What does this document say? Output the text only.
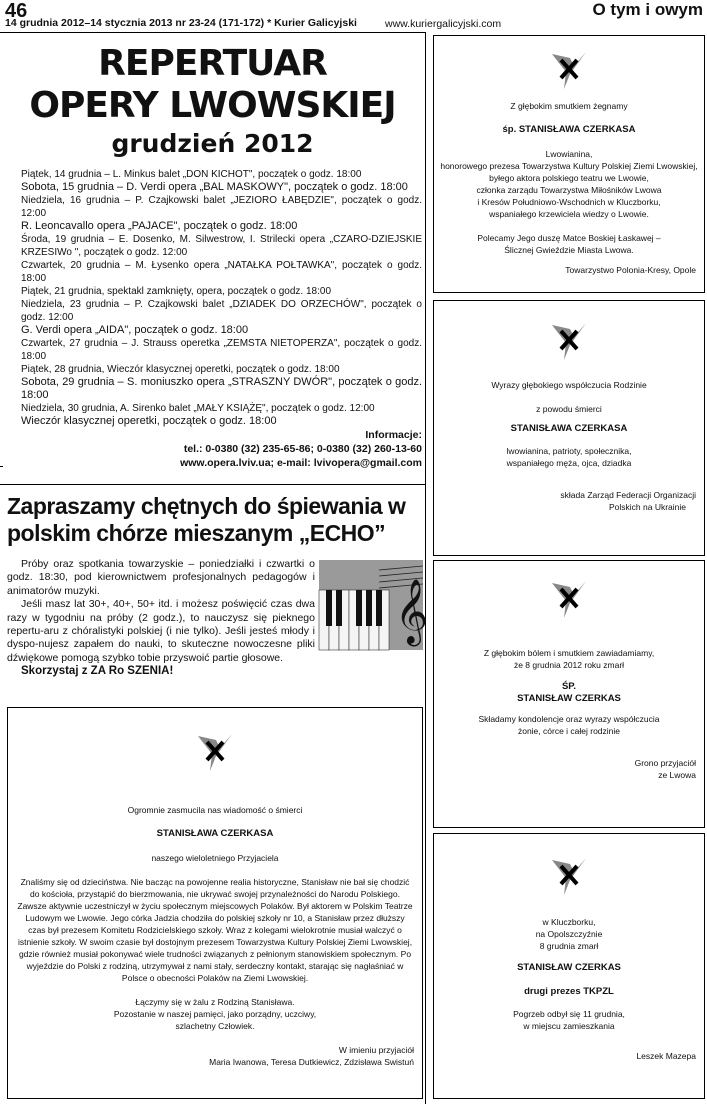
46
14 grudnia 2012–14 stycznia 2013 nr 23-24 (171-172) * Kurier Galicyjski	www.kuriergalicyjski.com
O tym i owym
REPERTUAR
OPERY LWOWSKIEJ
grudzień 2012

Piątek, 14 grudnia – L. Minkus balet „DON KICHOT", początek o godz. 18:00

Sobota, 15 grudnia – D. Verdi opera „BAL MASKOWY", początek o godz. 18:00

Niedziela, 16 grudnia – P. Czajkowski balet „JEZIORO ŁABĘDZIE", początek o godz. 12:00

R. Leoncavallo opera „PAJACE", początek o godz. 18:00

Środa, 19 grudnia – E. Dosenko, M. Silwestrow, I. Strilecki opera „CZARO-DZIEJSKIE KRZESIWo ", początek o godz. 12:00

Czwartek, 20 grudnia – M. Łysenko opera „NATAŁKA POŁTAWKA", początek o godz. 18:00

Piątek, 21 grudnia, spektakl zamknięty, opera, początek o godz. 18:00

Niedziela, 23 grudnia – P. Czajkowski balet „DZIADEK DO ORZECHÓW", początek o godz. 12:00

G. Verdi opera „AIDA", początek o godz. 18:00

Czwartek, 27 grudnia – J. Strauss operetka „ZEMSTA NIETOPERZA", początek o godz. 18:00

Piątek, 28 grudnia, Wieczór klasycznej operetki, początek o godz. 18:00

Sobota, 29 grudnia – S. moniuszko opera „STRASZNY DWÓR", początek o godz. 18:00

Niedziela, 30 grudnia, A. Sirenko balet „MAŁY KSIĄŻĘ", początek o godz. 12:00

Wieczór klasycznej operetki, początek o godz. 18:00

Informacje:
tel.: 0-0380 (32) 235-65-86; 0-0380 (32) 260-13-60
www.opera.lviv.ua; e-mail: lvivopera@gmail.com
Zapraszamy chętnych do śpiewania w polskim chórze mieszanym „ECHO”

Próby oraz spotkania towarzyskie – poniedziałki i czwartki o godz. 18:30, pod kierownictwem profesjonalnych pedagogów i animatorów muzyki.

Jeśli masz lat 30+, 40+, 50+ itd. i możesz poświęcić czas dwa razy w tygodniu na próby (2 godz.), to nauczysz się pieknego repertu-aru z chóralistyki polskiej (i nie tylko). Jeśli jesteś młody i dyspo-nujesz zapałem do nauki, to skuteczne nowoczesne pliki dźwiękowe pomogą szybko tobie przyswoić partie głosowe.

Skorzystaj z ZA Ro SZENIA!

𝄞

Ogromnie zasmucila nas wiadomość o śmierci

STANISŁAWA CZERKASA

naszego wieloletniego Przyjaciela

Znaliśmy się od dzieciństwa. Nie bacząc na powojenne realia historyczne, Stanisław nie bał się chodzić do kościoła, przystąpić do bierzmowania, nie ukrywać swojej przynależności do Narodu Polskiego. Zawsze aktywnie uczestniczył w życiu społecznym miejscowych Polaków. Był aktorem w Polskim Teatrze Ludowym we Lwowie. Jego córka Jadzia chodziła do polskiej szkoły nr 10, a Stanisław przez dłuższy czas był prezesem Komitetu Rodzicielskiego szkoły. Wraz z kolegami wielokrotnie musiał walczyć o istnienie szkoły. W swoim czasie był dostojnym prezesem Towarzystwa Kultury Polskiej Ziemi Lwowskiej, gdzie również musiał pokonywać wiele trudności związanych z pełnionym stanowiskiem społecznym. Po wyjeździe do Polski z rodziną, utrzymywał z nami stały, serdeczny kontakt, starając się nagłaśniać w Polsce o obecności Polaków na Ziemi Lwowskiej.

Łączymy się w żalu z Rodziną Stanisława.

Pozostanie w naszej pamięci, jako porządny, uczciwy,

szlachetny Człowiek.

W imieniu przyjaciół

Maria Iwanowa, Teresa Dutkiewicz, Zdzisława Swistuń

Z głębokim smutkiem żegnamy

śp. STANISŁAWA CZERKASA

Lwowianina,

honorowego prezesa Towarzystwa Kultury Polskiej Ziemi Lwowskiej,

byłego aktora polskiego teatru we Lwowie,

członka zarządu Towarzystwa Miłośników Lwowa

i Kresów Południowo-Wschodnich w Kluczborku,

wspaniałego krzewiciela wiedzy o Lwowie.

Polecamy Jego duszę Matce Boskiej Łaskawej –

Ślicznej Gwieździe Miasta Lwowa.

Towarzystwo Polonia-Kresy, Opole

Wyrazy głębokiego współczucia Rodzinie

z powodu śmierci

STANISŁAWA CZERKASA

lwowianina, patrioty, społecznika,

wspaniałego męża, ojca, dziadka

składa Zarząd Federacji Organizacji

Polskich na Ukrainie

Z głębokim bólem i smutkiem zawiadamiamy,

że 8 grudnia 2012 roku zmarł

ŚP.

STANISŁAW CZERKAS

Składamy kondolencje oraz wyrazy współczucia

żonie, córce i całej rodzinie

Grono przyjaciół

ze Lwowa

w Kluczborku,

na Opolszczyźnie

8 grudnia zmarł

STANISŁAW CZERKAS

drugi prezes TKPZL

Pogrzeb odbył się 11 grudnia,

w miejscu zamieszkania

Leszek Mazepa
